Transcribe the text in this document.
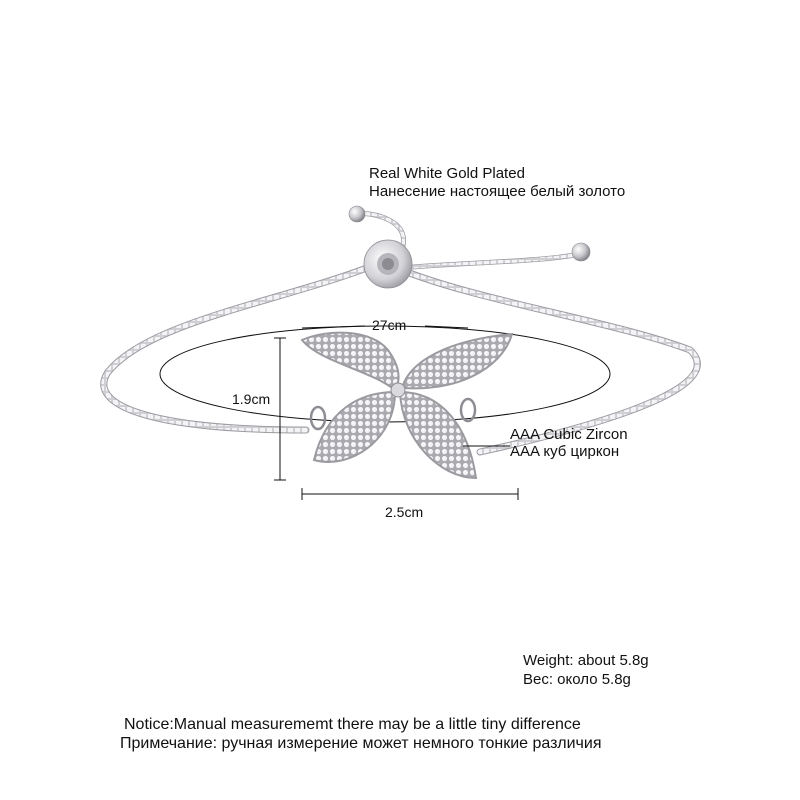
Real White Gold Plated
Нанесение настоящее белый золото
27cm
1.9cm
AAA Cubic Zircon
AAA куб циркон
2.5cm
Weight: about 5.8g
Вес: около 5.8g
Notice:Manual measurememt there may be a little tiny difference
Примечание: ручная измерение может немного тонкие различия
